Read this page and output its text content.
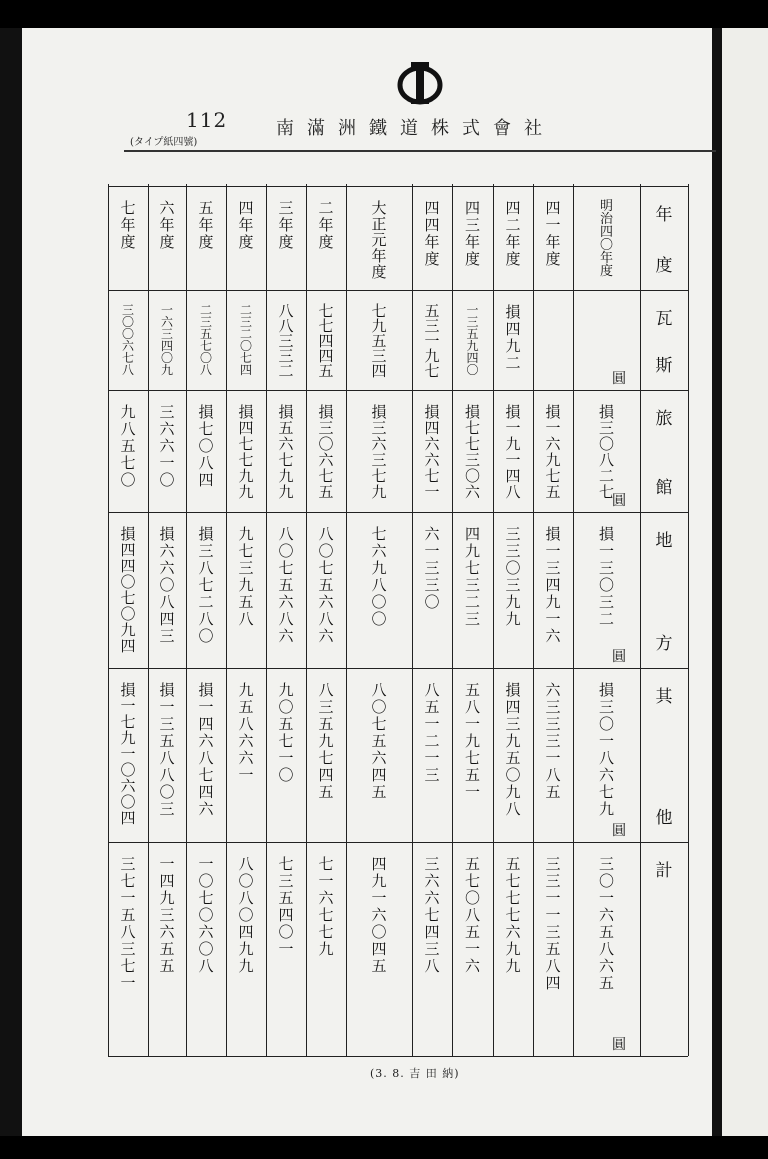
112	南滿洲鐵道株式會社
(タイプ紙四號)
年
度
瓦
斯
旅
館
地
方
其
他
計
明
治
四
〇
年
度
損
三
〇
八
二
七
損
一
三
〇
三
二
損
三
〇
一
八
六
七
九
三
〇
一
六
五
八
六
五
四
一
年
度
損
一
六
九
七
五
損
一
三
四
九
一
六
六
三
三
三
一
八
五
三
三
一
一
三
五
八
四
四
二
年
度
損
四
九
二
損
一
九
一
四
八
三
三
〇
三
九
九
損
四
三
九
五
〇
九
八
五
七
七
七
六
九
九
四
三
年
度
一
三
五
九
四
〇
損
七
七
三
〇
六
四
九
七
三
二
三
五
八
一
九
七
五
一
五
七
〇
八
五
一
六
四
四
年
度
五
三
一
九
七
損
四
六
六
七
一
六
一
三
三
〇
八
五
一
二
一
三
三
六
六
七
四
三
八
大
正
元
年
度
七
九
五
三
四
損
三
六
三
七
九
七
六
九
八
〇
〇
八
〇
七
五
六
四
五
四
九
一
六
〇
四
五
二
年
度
七
七
四
四
五
損
三
〇
六
七
五
八
〇
七
五
六
八
六
八
三
五
九
七
四
五
七
一
六
七
七
九
三
年
度
八
八
三
三
二
損
五
六
七
九
九
八
〇
七
五
六
八
六
九
〇
五
七
一
〇
七
三
五
四
〇
一
四
年
度
二
三
二
〇
七
四
損
四
七
七
九
九
九
七
三
九
五
八
九
五
八
六
六
一
八
〇
八
〇
四
九
九
五
年
度
二
三
五
七
〇
八
損
七
〇
八
四
損
三
八
七
二
八
〇
損
一
四
六
八
七
四
六
一
〇
七
〇
六
〇
八
六
年
度
一
六
三
四
〇
九
三
六
六
一
〇
損
六
六
〇
八
四
三
損
一
三
五
八
八
〇
三
一
四
九
三
六
五
五
七
年
度
三
〇
〇
六
七
八
九
八
五
七
〇
損
四
四
〇
七
〇
九
四
損
一
七
九
一
〇
六
〇
四
三
七
一
五
八
三
七
一
圓
圓
圓
圓
圓
(3. 8. 吉 田 納)
